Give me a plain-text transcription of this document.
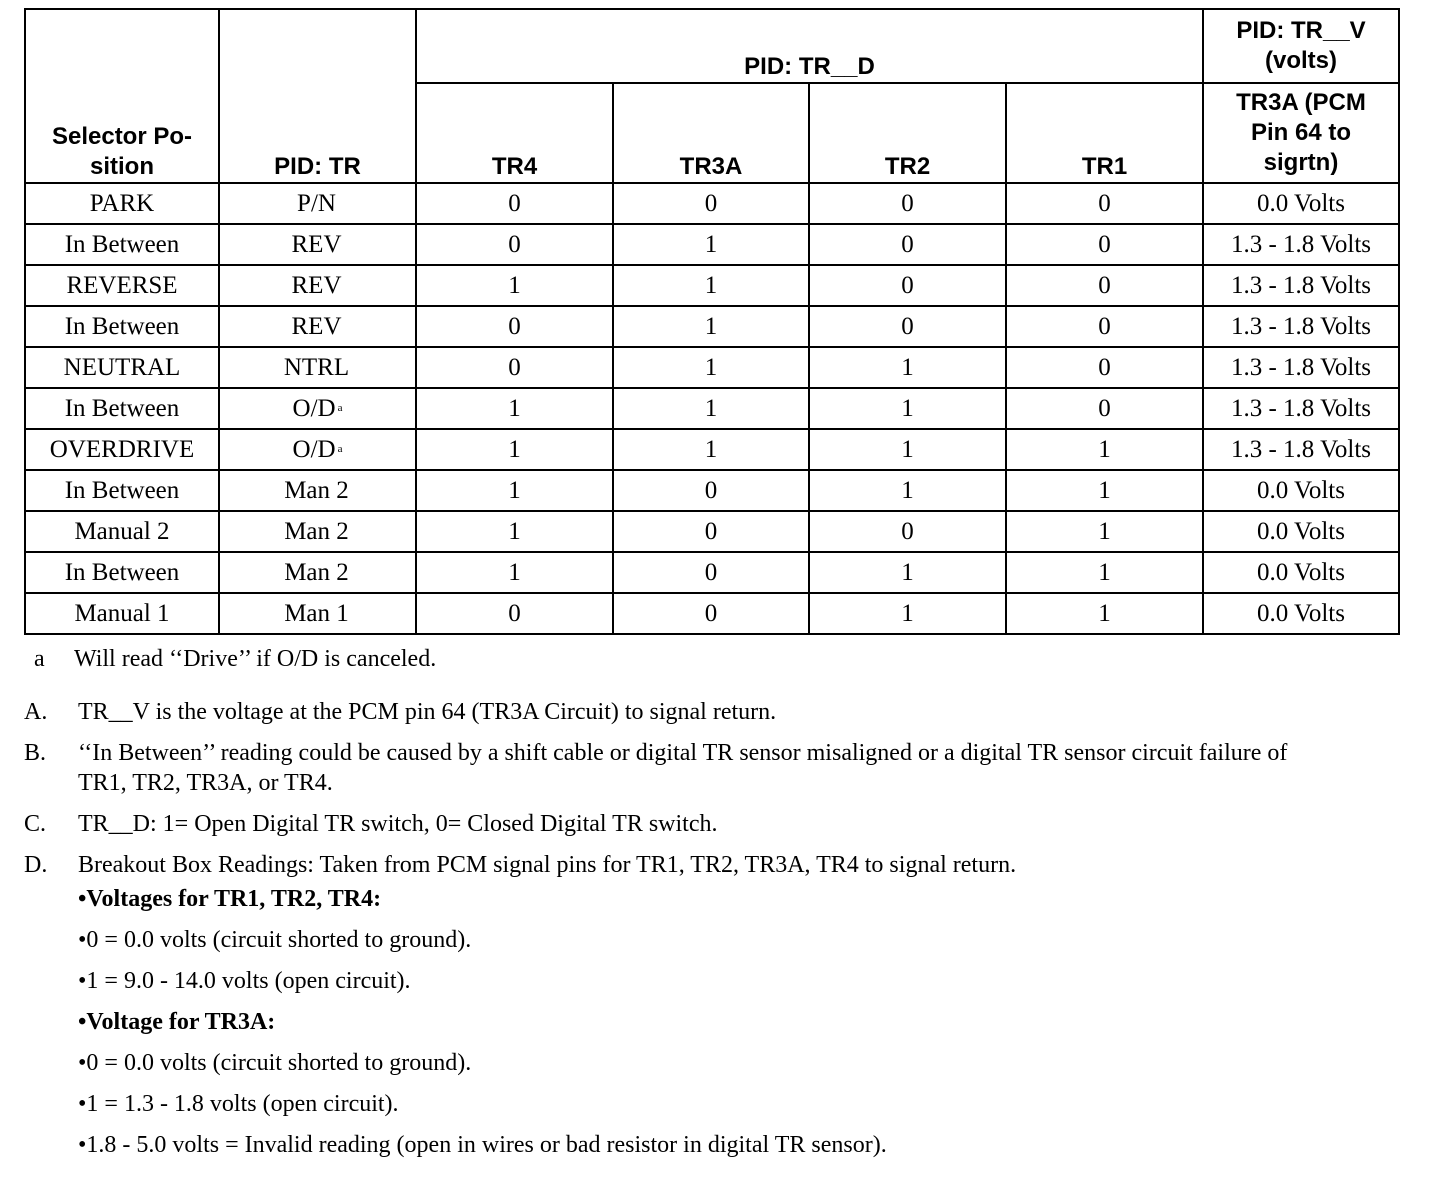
Selector Po-
sition	PID: TR	PID: TR__D				PID: TR__V
(volts)
		TR4	TR3A	TR2	TR1	TR3A (PCM
Pin 64 to
sigrtn)
PARK	P/N	0	0	0	0	0.0 Volts
In Between	REV	0	1	0	0	1.3 - 1.8 Volts
REVERSE	REV	1	1	0	0	1.3 - 1.8 Volts
In Between	REV	0	1	0	0	1.3 - 1.8 Volts
NEUTRAL	NTRL	0	1	1	0	1.3 - 1.8 Volts
In Between	O/D $^a$	1	1	1	0	1.3 - 1.8 Volts
OVERDRIVE	O/D $^a$	1	1	1	1	1.3 - 1.8 Volts
In Between	Man 2	1	0	1	1	0.0 Volts
Manual 2	Man 2	1	0	0	1	0.0 Volts
In Between	Man 2	1	0	1	1	0.0 Volts
Manual 1	Man 1	0	0	1	1	0.0 Volts
a Will read ‘‘Drive’’ if O/D is canceled.
A.	TR__V is the voltage at the PCM pin 64 (TR3A Circuit) to signal return.
B.	‘‘In Between’’ reading could be caused by a shift cable or digital TR sensor misaligned or a digital TR sensor circuit failure of TR1, TR2, TR3A, or TR4.
C.	TR__D: 1= Open Digital TR switch, 0= Closed Digital TR switch.
D.	Breakout Box Readings: Taken from PCM signal pins for TR1, TR2, TR3A, TR4 to signal return.
•Voltages for TR1, TR2, TR4:
•0 = 0.0 volts (circuit shorted to ground).
•1 = 9.0 - 14.0 volts (open circuit).
•Voltage for TR3A:
•0 = 0.0 volts (circuit shorted to ground).
•1 = 1.3 - 1.8 volts (open circuit).
•1.8 - 5.0 volts = Invalid reading (open in wires or bad resistor in digital TR sensor).
